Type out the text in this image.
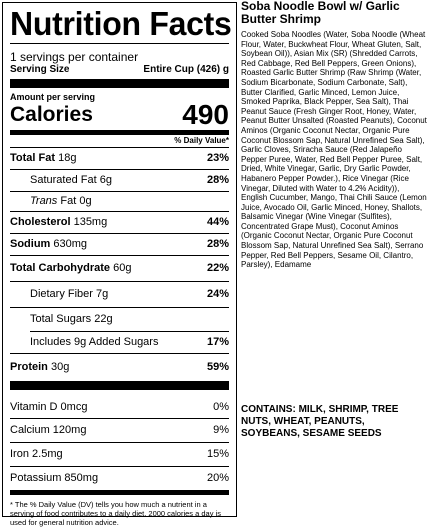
Nutrition Facts
1 servings per container
Serving Size	Entire Cup (426) g
Amount per serving
Calories	490
% Daily Value*
Total Fat 18g	23%
Saturated Fat 6g	28%
Trans Fat 0g
Cholesterol 135mg	44%
Sodium 630mg	28%
Total Carbohydrate 60g	22%
Dietary Fiber 7g	24%
Total Sugars 22g
Includes 9g Added Sugars	17%
Protein 30g	59%
Vitamin D 0mcg	0%
Calcium 120mg	9%
Iron 2.5mg	15%
Potassium 850mg	20%
* The % Daily Value (DV) tells you how much a nutrient in a serving of food contributes to a daily diet. 2000 calories a day is used for general nutrition advice.
Soba Noodle Bowl w/ Garlic Butter Shrimp
Cooked Soba Noodles (Water, Soba Noodle (Wheat Flour, Water, Buckwheat Flour, Wheat Gluten, Salt, Soybean Oil)), Asian Mix (SR) (Shredded Carrots, Red Cabbage, Red Bell Peppers, Green Onions), Roasted Garlic Butter Shrimp (Raw Shrimp (Water, Sodium Bicarbonate, Sodium Carbonate, Salt), Butter Clarified, Garlic Minced, Lemon Juice, Smoked Paprika, Black Pepper, Sea Salt), Thai Peanut Sauce (Fresh Ginger Root, Honey, Water, Peanut Butter Unsalted (Roasted Peanuts), Coconut Aminos (Organic Coconut Nectar, Organic Pure Coconut Blossom Sap, Natural Unrefined Sea Salt), Garlic Cloves, Sriracha Sauce (Red Jalapeño Pepper Puree, Water, Red Bell Pepper Puree, Salt, Dried, White Vinegar, Garlic, Dry Garlic Powder, Habanero Pepper Powder.), Rice Vinegar (Rice Vinegar, Diluted with Water to 4.2% Acidity)), English Cucumber, Mango, Thai Chili Sauce (Lemon Juice, Avocado Oil, Garlic Minced, Honey, Shallots, Balsamic Vinegar (Wine Vinegar (Sulfites), Concentrated Grape Must), Coconut Aminos (Organic Coconut Nectar, Organic Pure Coconut Blossom Sap, Natural Unrefined Sea Salt), Serrano Pepper, Red Bell Peppers, Sesame Oil, Cilantro, Parsley), Edamame
CONTAINS: MILK, SHRIMP, TREE NUTS, WHEAT, PEANUTS, SOYBEANS, SESAME SEEDS
